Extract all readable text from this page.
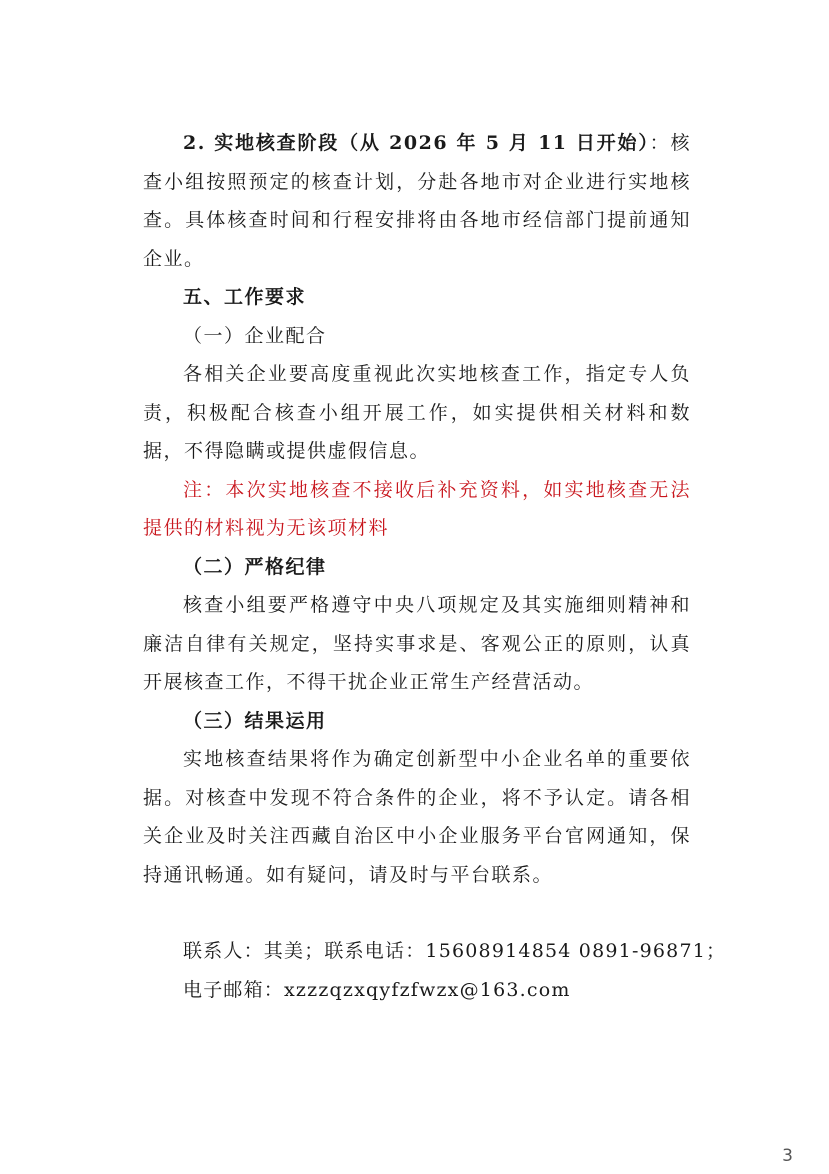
2. 实地核查阶段（从 2026 年 5 月 11 日开始）：核查小组按照预定的核查计划，分赴各地市对企业进行实地核查。具体核查时间和行程安排将由各地市经信部门提前通知企业。

五、工作要求

（一）企业配合

各相关企业要高度重视此次实地核查工作，指定专人负责，积极配合核查小组开展工作，如实提供相关材料和数据，不得隐瞒或提供虚假信息。

注：本次实地核查不接收后补充资料，如实地核查无法提供的材料视为无该项材料

（二）严格纪律

核查小组要严格遵守中央八项规定及其实施细则精神和廉洁自律有关规定，坚持实事求是、客观公正的原则，认真开展核查工作，不得干扰企业正常生产经营活动。

（三）结果运用

实地核查结果将作为确定创新型中小企业名单的重要依据。对核查中发现不符合条件的企业，将不予认定。请各相关企业及时关注西藏自治区中小企业服务平台官网通知，保持通讯畅通。如有疑问，请及时与平台联系。

联系人：其美；联系电话：15608914854 0891-96871；

电子邮箱：xzzzqzxqyfzfwzx@163.com

3
